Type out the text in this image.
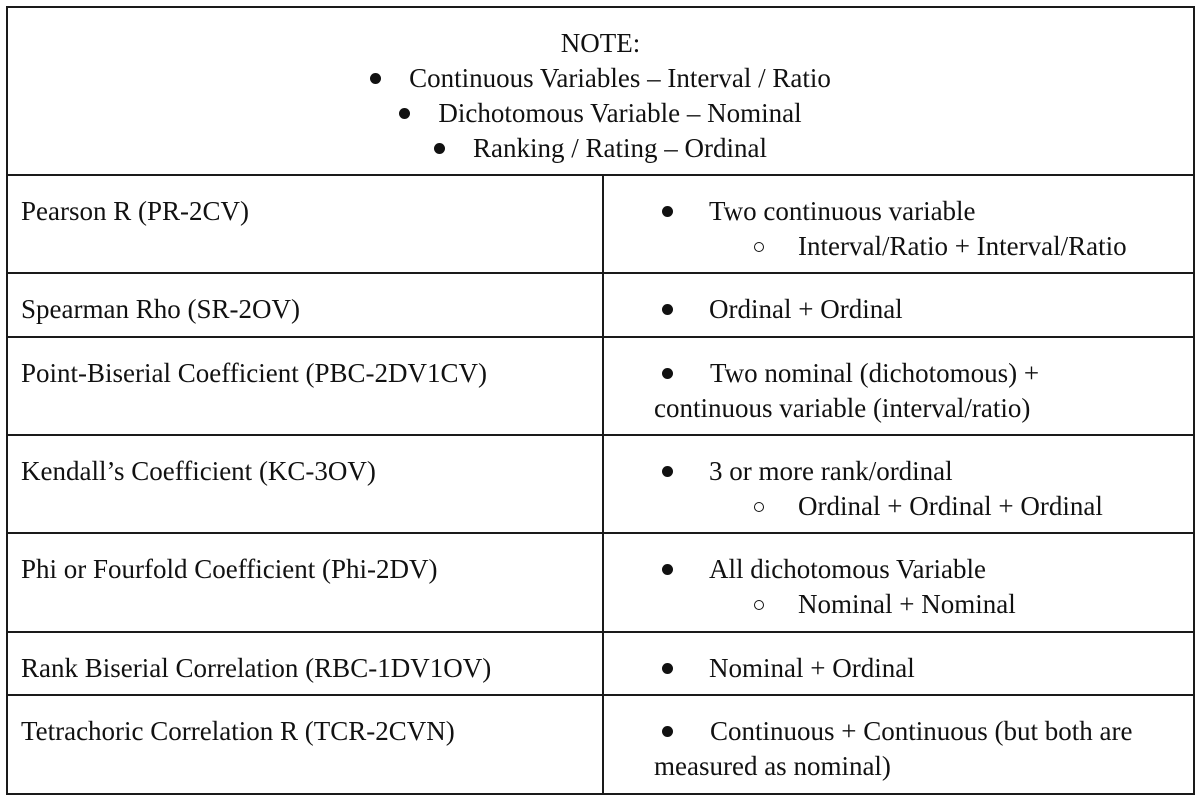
NOTE:
Continuous Variables – Interval / Ratio
Dichotomous Variable – Nominal
Ranking / Rating – Ordinal
Pearson R (PR-2CV)	Two continuous variable
Interval/Ratio + Interval/Ratio
Spearman Rho (SR-2OV)	Ordinal + Ordinal
Point-Biserial Coefficient (PBC-2DV1CV)	Two nominal (dichotomous) + continuous variable (interval/ratio)
Kendall’s Coefficient (KC-3OV)	3 or more rank/ordinal
Ordinal + Ordinal + Ordinal
Phi or Fourfold Coefficient (Phi-2DV)	All dichotomous Variable
Nominal + Nominal
Rank Biserial Correlation (RBC-1DV1OV)	Nominal + Ordinal
Tetrachoric Correlation R (TCR-2CVN)	Continuous + Continuous (but both are measured as nominal)
